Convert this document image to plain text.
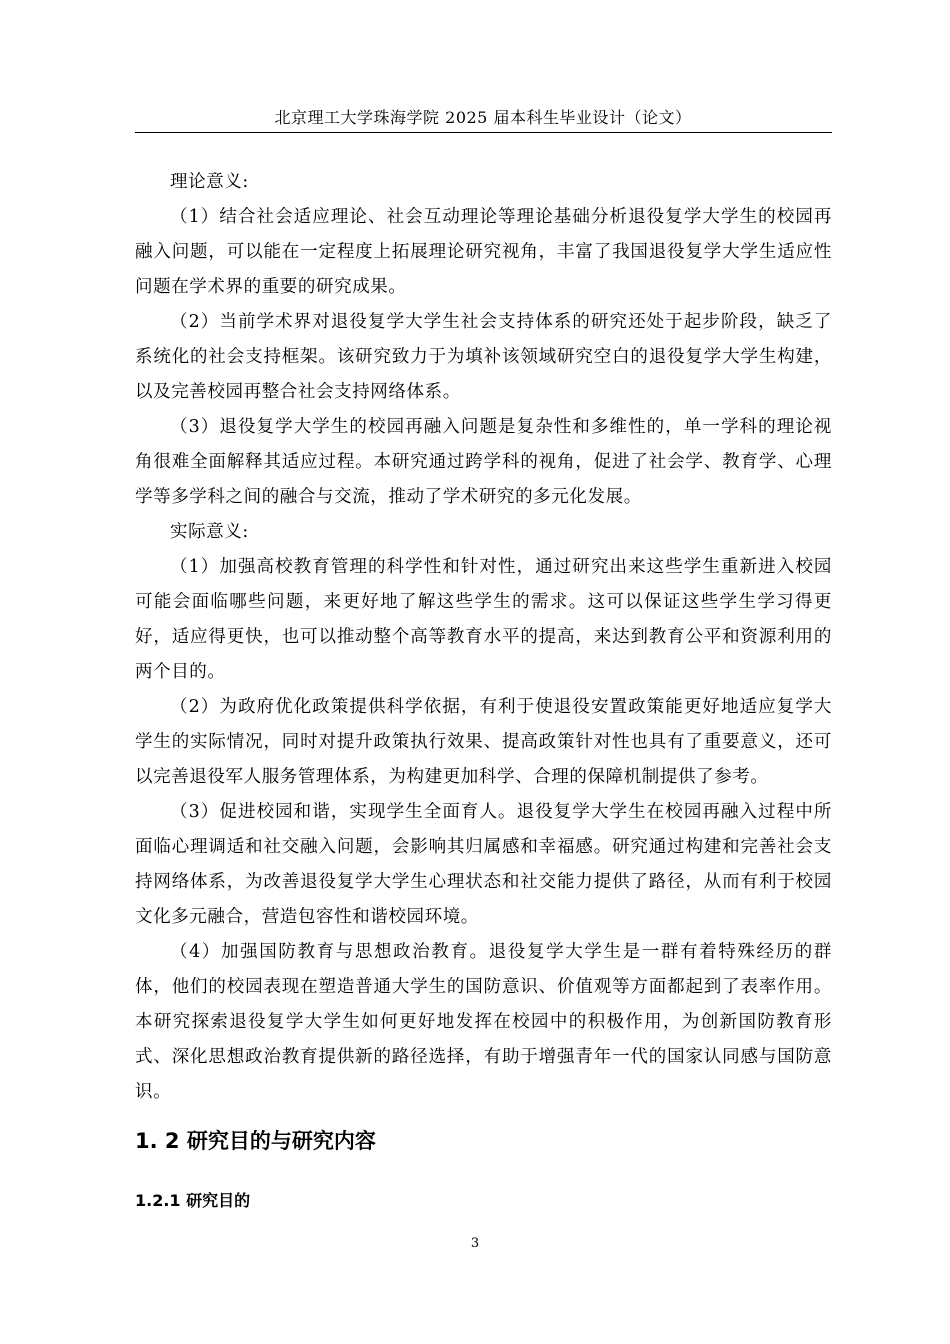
北京理工大学珠海学院 2025 届本科生毕业设计（论文）

理论意义:

（1）结合社会适应理论、社会互动理论等理论基础分析退役复学大学生的校园再融入问题，可以能在一定程度上拓展理论研究视角，丰富了我国退役复学大学生适应性问题在学术界的重要的研究成果。

（2）当前学术界对退役复学大学生社会支持体系的研究还处于起步阶段，缺乏了系统化的社会支持框架。该研究致力于为填补该领域研究空白的退役复学大学生构建，以及完善校园再整合社会支持网络体系。

（3）退役复学大学生的校园再融入问题是复杂性和多维性的，单一学科的理论视角很难全面解释其适应过程。本研究通过跨学科的视角，促进了社会学、教育学、心理学等多学科之间的融合与交流，推动了学术研究的多元化发展。

实际意义:

（1）加强高校教育管理的科学性和针对性，通过研究出来这些学生重新进入校园可能会面临哪些问题，来更好地了解这些学生的需求。这可以保证这些学生学习得更好，适应得更快，也可以推动整个高等教育水平的提高，来达到教育公平和资源利用的两个目的。

（2）为政府优化政策提供科学依据，有利于使退役安置政策能更好地适应复学大学生的实际情况，同时对提升政策执行效果、提高政策针对性也具有了重要意义，还可以完善退役军人服务管理体系，为构建更加科学、合理的保障机制提供了参考。

（3）促进校园和谐，实现学生全面育人。退役复学大学生在校园再融入过程中所面临心理调适和社交融入问题，会影响其归属感和幸福感。研究通过构建和完善社会支持网络体系，为改善退役复学大学生心理状态和社交能力提供了路径，从而有利于校园文化多元融合，营造包容性和谐校园环境。

（4）加强国防教育与思想政治教育。退役复学大学生是一群有着特殊经历的群体，他们的校园表现在塑造普通大学生的国防意识、价值观等方面都起到了表率作用。本研究探索退役复学大学生如何更好地发挥在校园中的积极作用，为创新国防教育形式、深化思想政治教育提供新的路径选择，有助于增强青年一代的国家认同感与国防意识。

1. 2 研究目的与研究内容
1.2.1 研究目的
3
